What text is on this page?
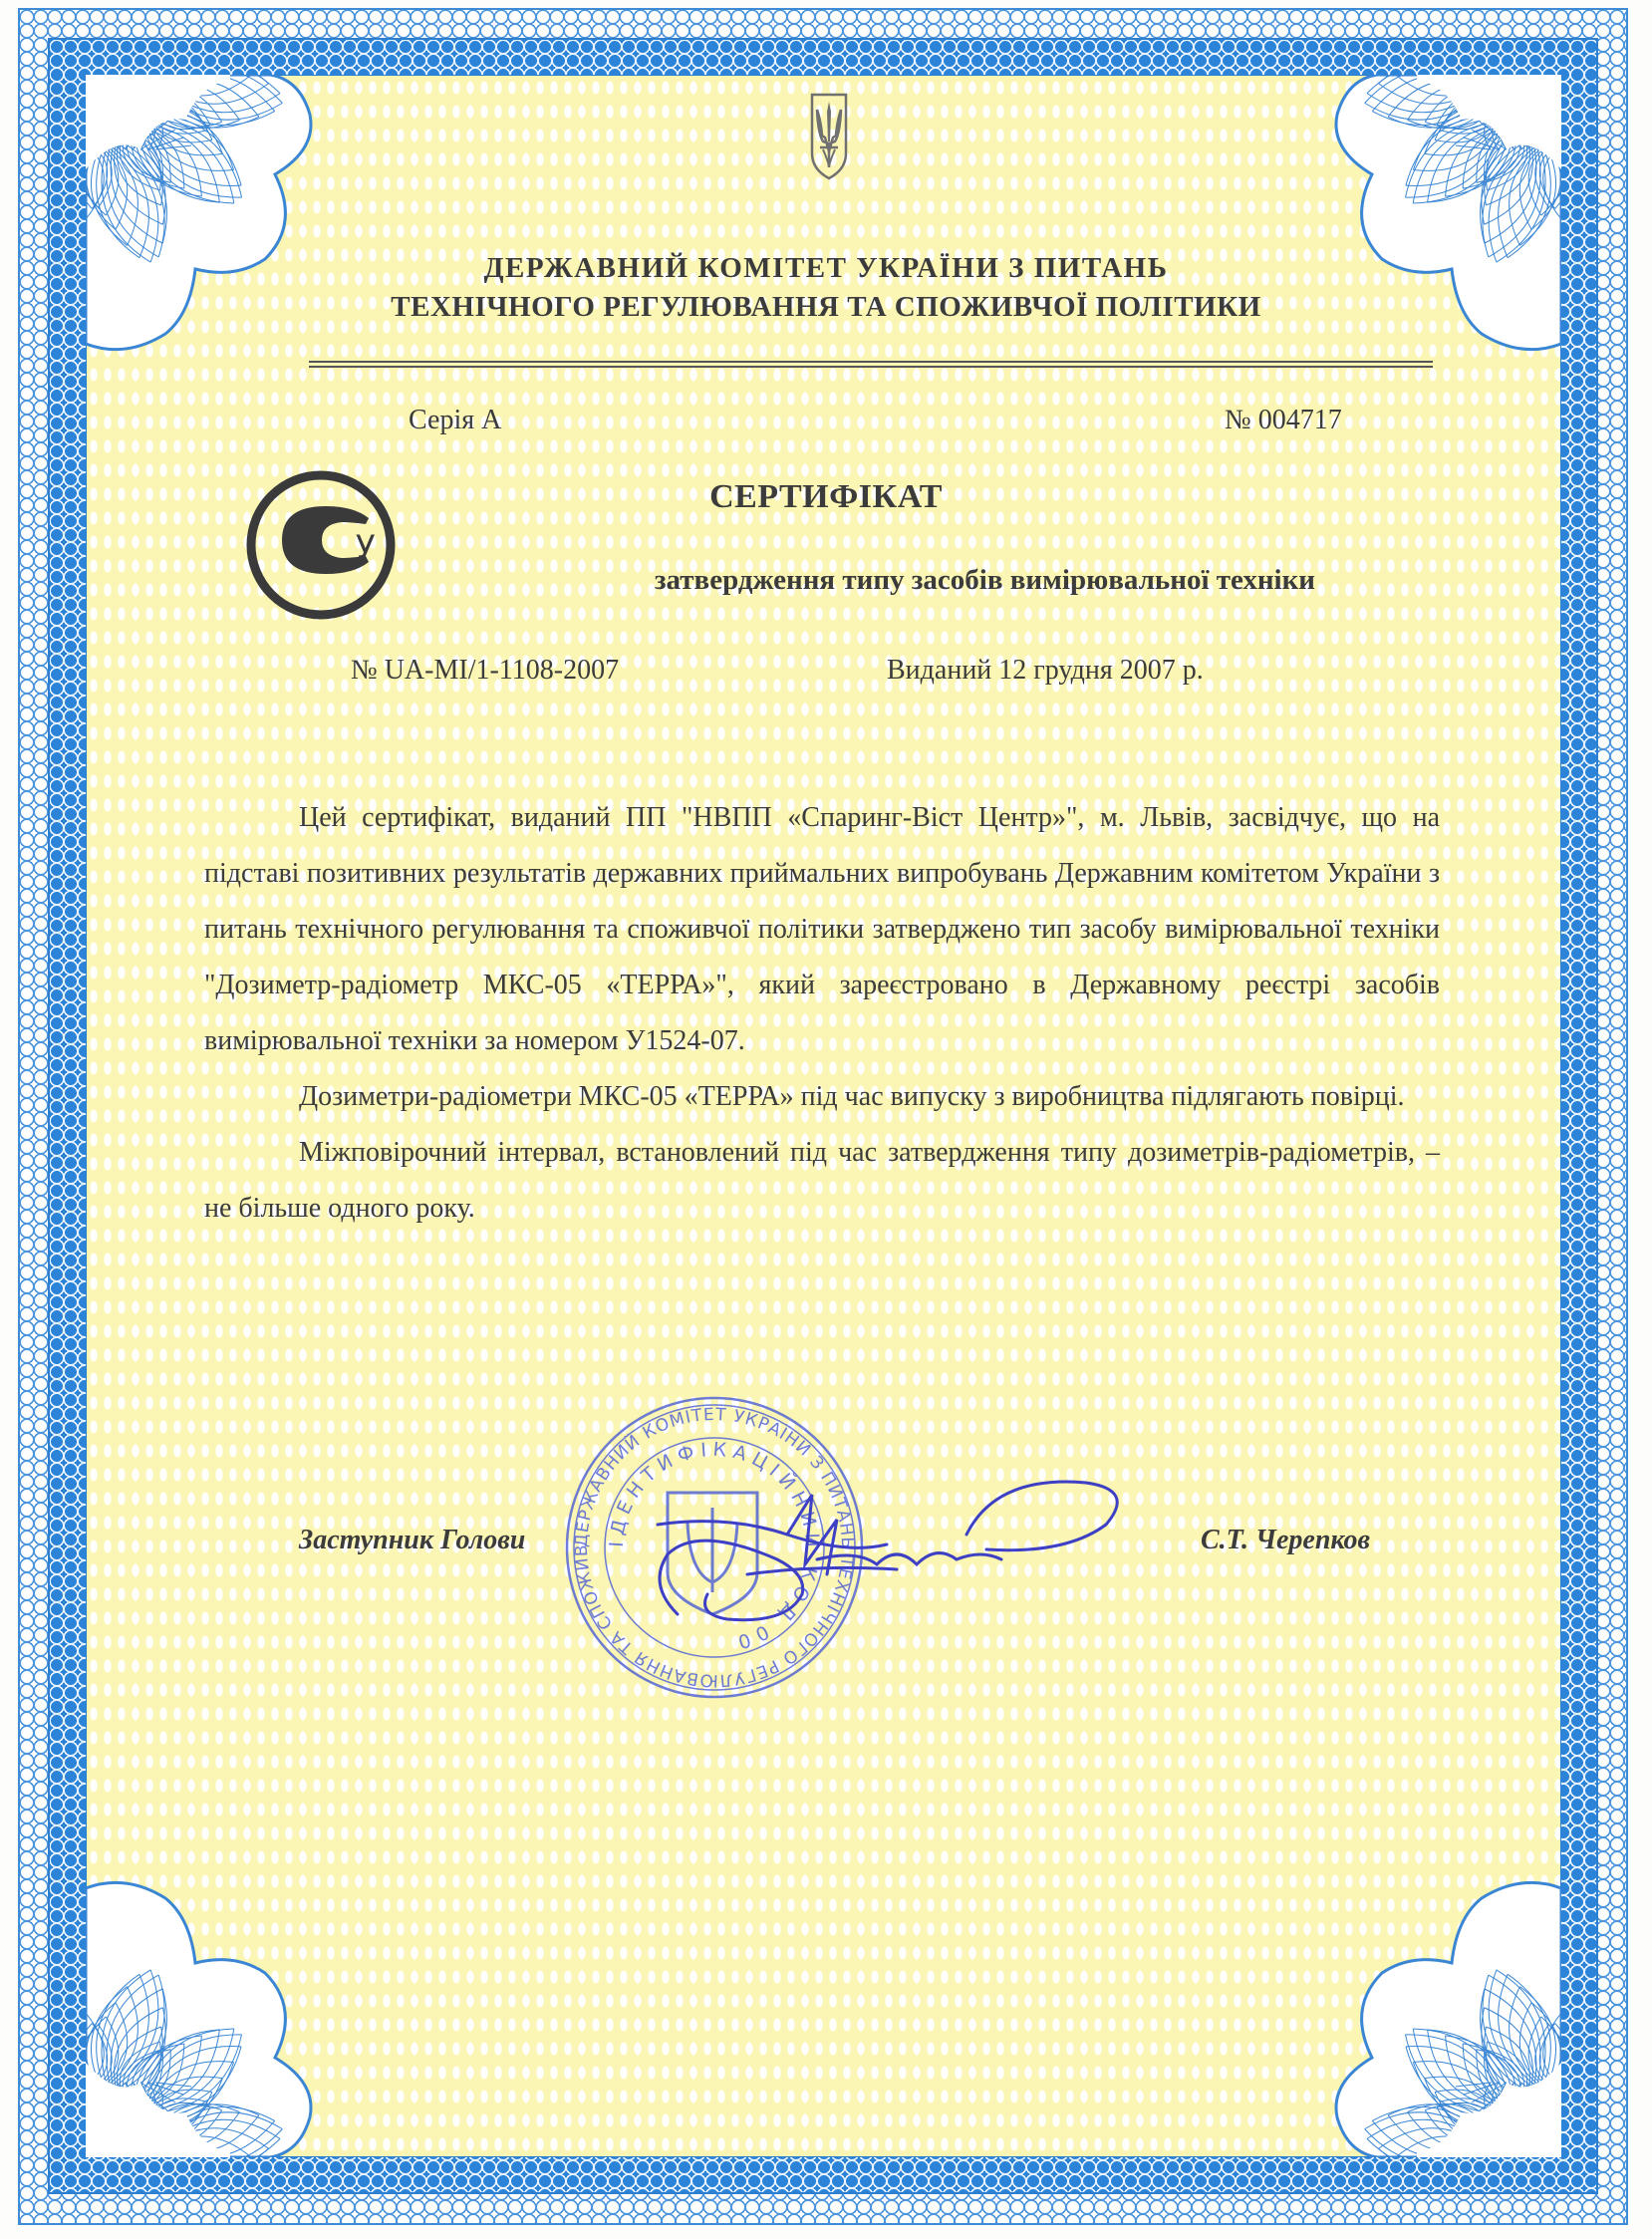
ДЕРЖАВНИЙ КОМІТЕТ УКРАЇНИ З ПИТАНЬ
ТЕХНІЧНОГО РЕГУЛЮВАННЯ ТА СПОЖИВЧОЇ ПОЛІТИКИ
Серія А	№ 004717
У
СЕРТИФІКАТ
затвердження типу засобів вимірювальної техніки
№ UA-MI/1-1108-2007	Виданий 12 грудня 2007 р.

Цей сертифікат, виданий ПП "НВПП «Спаринг-Віст Центр»", м. Львів, засвідчує, що на підставі позитивних результатів державних приймальних випробувань Державним комітетом України з питань технічного регулювання та споживчої політики затверджено тип засобу вимірювальної техніки "Дозиметр-радіометр МКС-05 «ТЕРРА»", який зареєстровано в Державному реєстрі засобів вимірювальної техніки за номером У1524-07.

Дозиметри-радіометри МКС-05 «ТЕРРА» під час випуску з виробництва підлягають повірці.

Міжповірочний інтервал, встановлений під час затвердження типу дозиметрів-радіометрів, – не більше одного року.

ДЕРЖАВНИЙ КОМІТЕТ УКРАЇНИ З ПИТАНЬ ТЕХНІЧНОГО РЕГУЛЮВАННЯ ТА СПОЖИВ
ІДЕНТИФІКАЦІЙНИЙ КОД 00
Заступник Голови	С.Т. Черепков
